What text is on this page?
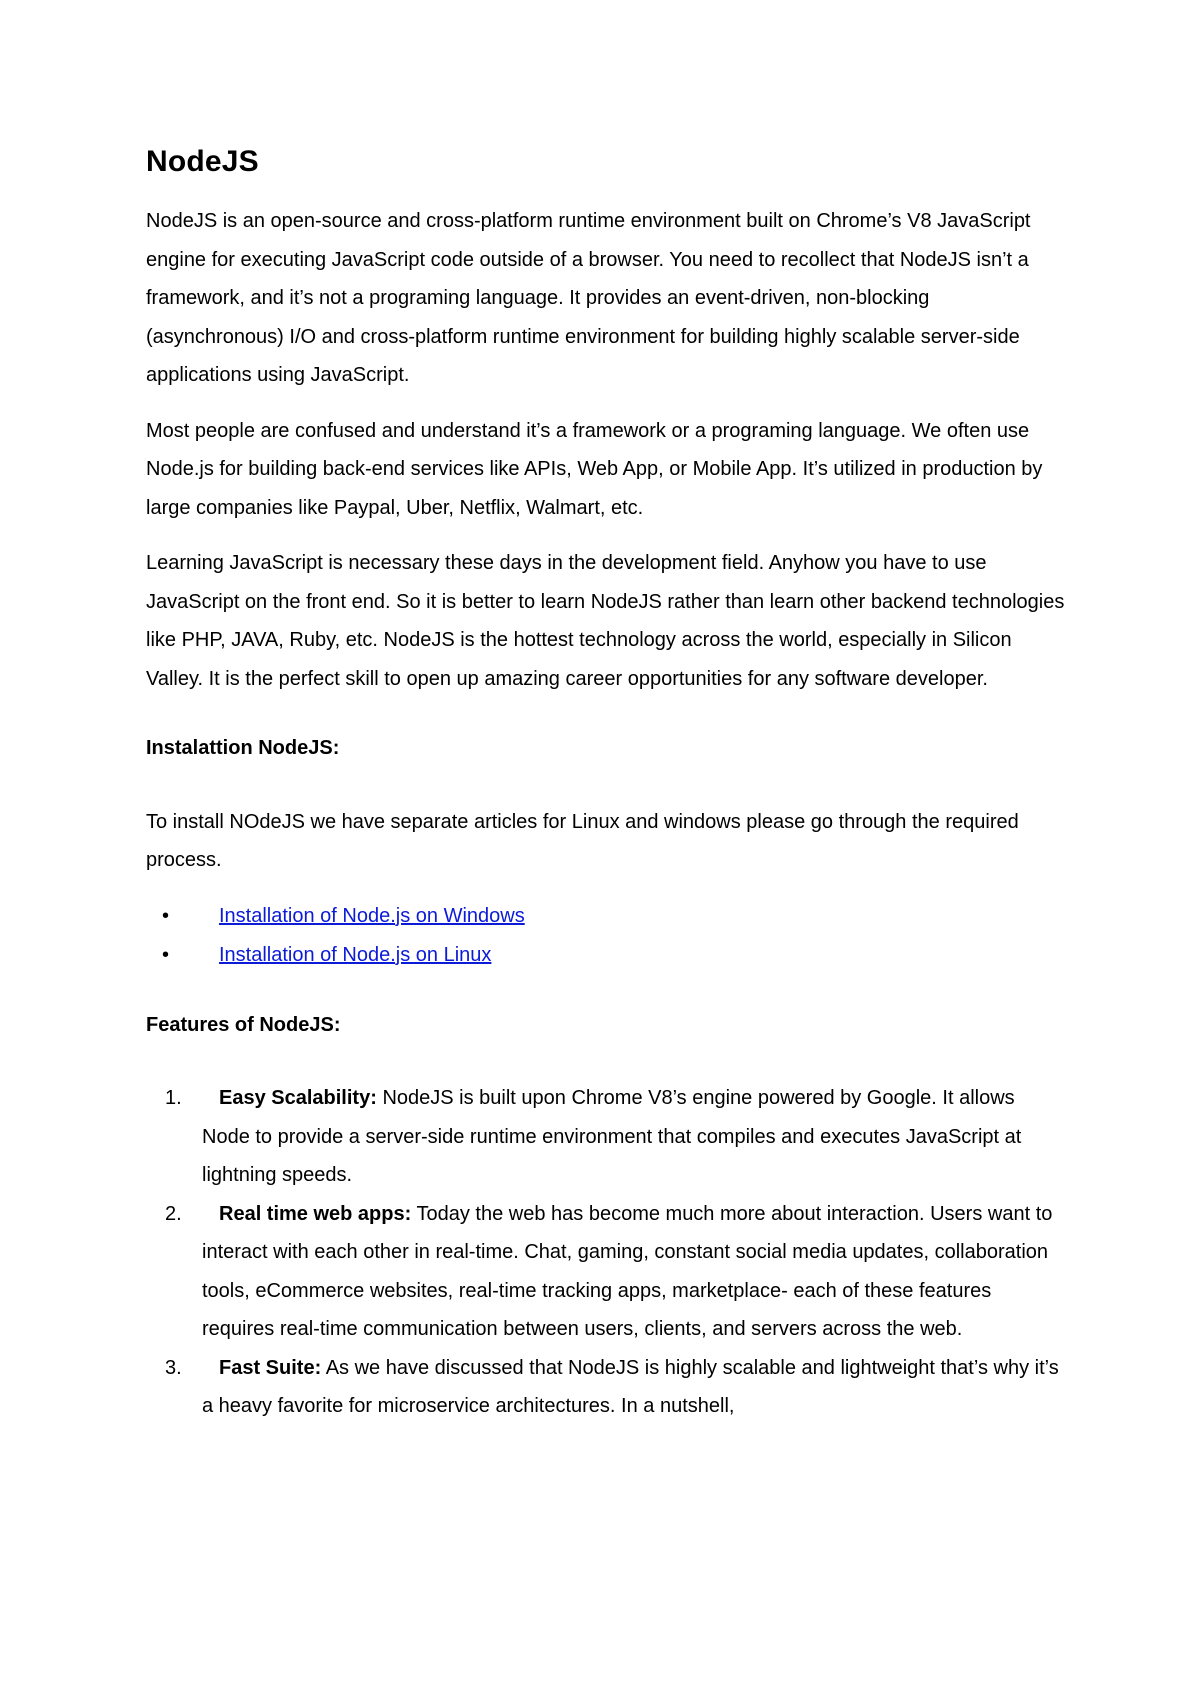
NodeJS

NodeJS is an open-source and cross-platform runtime environment built on Chrome’s V8 JavaScript engine for executing JavaScript code outside of a browser. You need to recollect that NodeJS isn’t a framework, and it’s not a programing language. It provides an event-driven, non-blocking (asynchronous) I/O and cross-platform runtime environment for building highly scalable server-side applications using JavaScript.

Most people are confused and understand it’s a framework or a programing language. We often use Node.js for building back-end services like APIs, Web App, or Mobile App. It’s utilized in production by large companies like Paypal, Uber, Netflix, Walmart, etc.

Learning JavaScript is necessary these days in the development field. Anyhow you have to use JavaScript on the front end. So it is better to learn NodeJS rather than learn other backend technologies like PHP, JAVA, Ruby, etc. NodeJS is the hottest technology across the world, especially in Silicon Valley. It is the perfect skill to open up amazing career opportunities for any software developer.

Instalattion NodeJS:

To install NOdeJS we have separate articles for Linux and windows please go through the required process.

• Installation of Node.js on Windows
• Installation of Node.js on Linux
Features of NodeJS:
1. Easy Scalability: NodeJS is built upon Chrome V8’s engine powered by Google. It allows Node to provide a server-side runtime environment that compiles and executes JavaScript at lightning speeds.
2. Real time web apps: Today the web has become much more about interaction. Users want to interact with each other in real-time. Chat, gaming, constant social media updates, collaboration tools, eCommerce websites, real-time tracking apps, marketplace- each of these features requires real-time communication between users, clients, and servers across the web.
3. Fast Suite: As we have discussed that NodeJS is highly scalable and lightweight that’s why it’s a heavy favorite for microservice architectures. In a nutshell,
